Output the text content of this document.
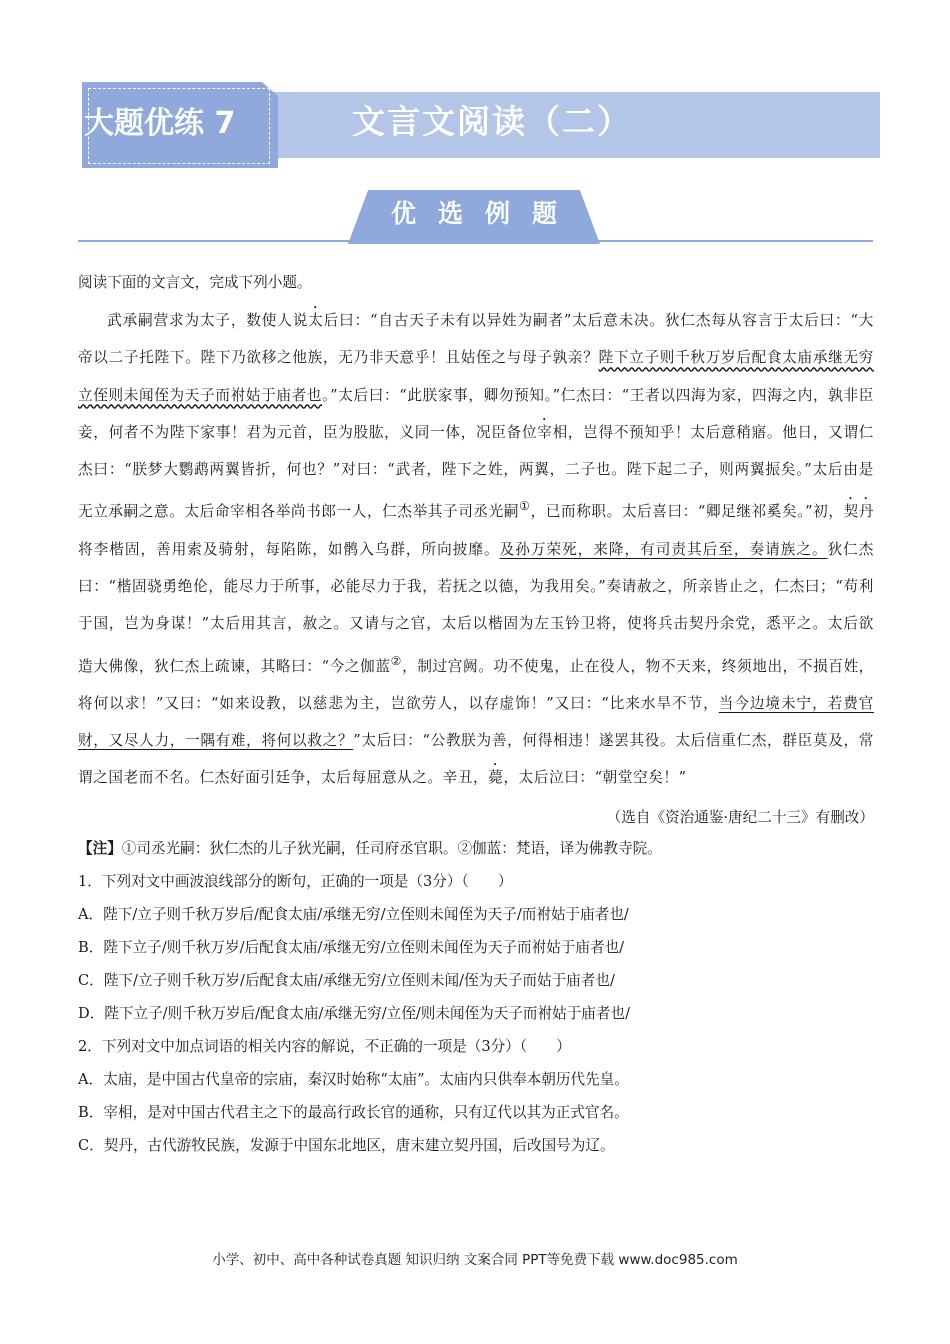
大题优练 7	文言文阅读（二）
优选例题

阅读下面的文言文，完成下列小题。

武承嗣营求为太子，数使人说太后曰：“自古天子未有以异姓为嗣者”太后意未决。狄仁杰每从容言于太后曰：“大帝以二子托陛下。陛下乃欲移之他族，无乃非天意乎！且姑侄之与母子孰亲？陛下立子则千秋万岁后配食太庙承继无穷立侄则未闻侄为天子而祔姑于庙者也。”太后曰：“此朕家事，卿勿预知。”仁杰曰：“王者以四海为家，四海之内，孰非臣妾，何者不为陛下家事！君为元首，臣为股肱，义同一体，况臣备位宰相，岂得不预知乎！太后意稍寤。他日，又谓仁杰曰：“朕梦大鹦鹉两翼皆折，何也？”对曰：“武者，陛下之姓，两翼，二子也。陛下起二子，则两翼振矣。”太后由是无立承嗣之意。太后命宰相各举尚书郎一人，仁杰举其子司丞光嗣①，已而称职。太后喜曰：“卿足继祁奚矣。”初，契丹将李楷固，善用索及骑射，每陷陈，如鹘入乌群，所向披靡。及孙万荣死，来降，有司责其后至，奏请族之。狄仁杰曰：“楷固骁勇绝伦，能尽力于所事，必能尽力于我，若抚之以德，为我用矣。”奏请赦之，所亲皆止之，仁杰曰；“苟利于国，岂为身谋！”太后用其言，赦之。又请与之官，太后以楷固为左玉钤卫将，使将兵击契丹余党，悉平之。太后欲造大佛像，狄仁杰上疏谏，其略曰：“今之伽蓝②，制过宫阙。功不使鬼，止在役人，物不天来，终须地出，不损百姓，将何以求！”又曰：“如来设教，以慈悲为主，岂欲劳人，以存虚饰！”又曰：“比来水旱不节，当今边境未宁，若费官财，又尽人力，一隅有难，将何以救之？”太后曰：“公教朕为善，何得相违！遂罢其役。太后信重仁杰，群臣莫及，常谓之国老而不名。仁杰好面引廷争，太后每屈意从之。辛丑，薨，太后泣曰：“朝堂空矣！”

（选自《资治通鉴·唐纪二十三》有删改）

【注】①司丞光嗣：狄仁杰的儿子狄光嗣，任司府丞官职。②伽蓝：梵语，译为佛教寺院。

1．下列对文中画波浪线部分的断句，正确的一项是（3分）（　　）

A．陛下/立子则千秋万岁后/配食太庙/承继无穷/立侄则未闻侄为天子/而祔姑于庙者也/

B．陛下立子/则千秋万岁/后配食太庙/承继无穷/立侄则未闻侄为天子而祔姑于庙者也/

C．陛下/立子则千秋万岁/后配食太庙/承继无穷/立侄则未闻/侄为天子而姑于庙者也/

D．陛下立子/则千秋万岁后/配食太庙/承继无穷/立侄/则未闻侄为天子而祔姑于庙者也/

2．下列对文中加点词语的相关内容的解说，不正确的一项是（3分）（　　）

A．太庙，是中国古代皇帝的宗庙，秦汉时始称“太庙”。太庙内只供奉本朝历代先皇。

B．宰相，是对中国古代君主之下的最高行政长官的通称，只有辽代以其为正式官名。

C．契丹，古代游牧民族，发源于中国东北地区，唐末建立契丹国，后改国号为辽。

小学、初中、高中各种试卷真题 知识归纳 文案合同 PPT等免费下载 www.doc985.com
